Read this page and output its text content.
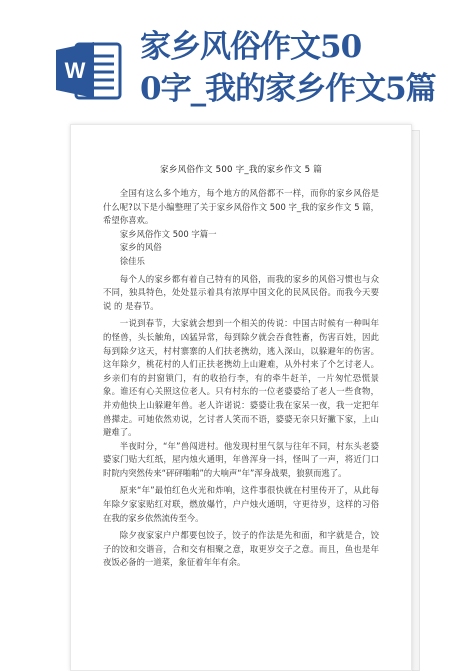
W
家乡风俗作文50
0字_我的家乡作文5篇
家乡风俗作文 500 字_我的家乡作文 5 篇

全国有这么多个地方，每个地方的风俗都不一样，而你的家乡风俗是什么呢?以下是小编整理了关于家乡风俗作文 500 字_我的家乡作文 5 篇，希望你喜欢。

家乡风俗作文 500 字篇一

家乡的风俗

徐佳乐

每个人的家乡都有着自己特有的风俗，而我的家乡的风俗习惯也与众不同，独具特色，处处显示着具有浓厚中国文化的民风民俗。而我今天要说 的 是春节。

一说到春节，大家就会想到一个相关的传说：中国古时候有一种叫年的怪兽，头长触角，凶猛异常，每到除夕就会吞食牲畜，伤害百姓，因此每到除夕这天，村村寨寨的人们扶老携幼，逃入深山，以躲避年的伤害。这年除夕，桃花村的人们正扶老携幼上山避难，从外村来了个乞讨老人。乡亲们有的封窗锁门，有的收拾行李，有的牵牛赶羊，一片匆忙恐慌景象。谁还有心关照这位老人。只有村东的一位老婆婆给了老人一些食物，并劝他快上山躲避年兽。老人许诺说：婆婆让我在家呆一夜，我一定把年兽撵走。可她依然劝说，乞讨者人笑而不语，婆婆无奈只好撇下家，上山避难了。

半夜时分，“年”兽闯进村。他发现村里气氛与往年不同，村东头老婆婆家门贴大红纸，屋内烛火通明，年兽浑身一抖，怪叫了一声，将近门口时院内突然传来“砰砰啪啪”的大响声“年”浑身战栗，狼狈而逃了。

原来“年”最怕红色火光和炸响，这件事很快就在村里传开了，从此每年除夕家家贴红对联，燃放爆竹，户户烛火通明，守更待岁，这样的习俗在我的家乡依然流传至今。

除夕夜家家户户都要包饺子，饺子的作法是先和面，和字就是合，饺子的饺和交谐音，合和交有相聚之意，取更岁交子之意。而且，鱼也是年夜饭必备的一道菜，象征着年年有余。
